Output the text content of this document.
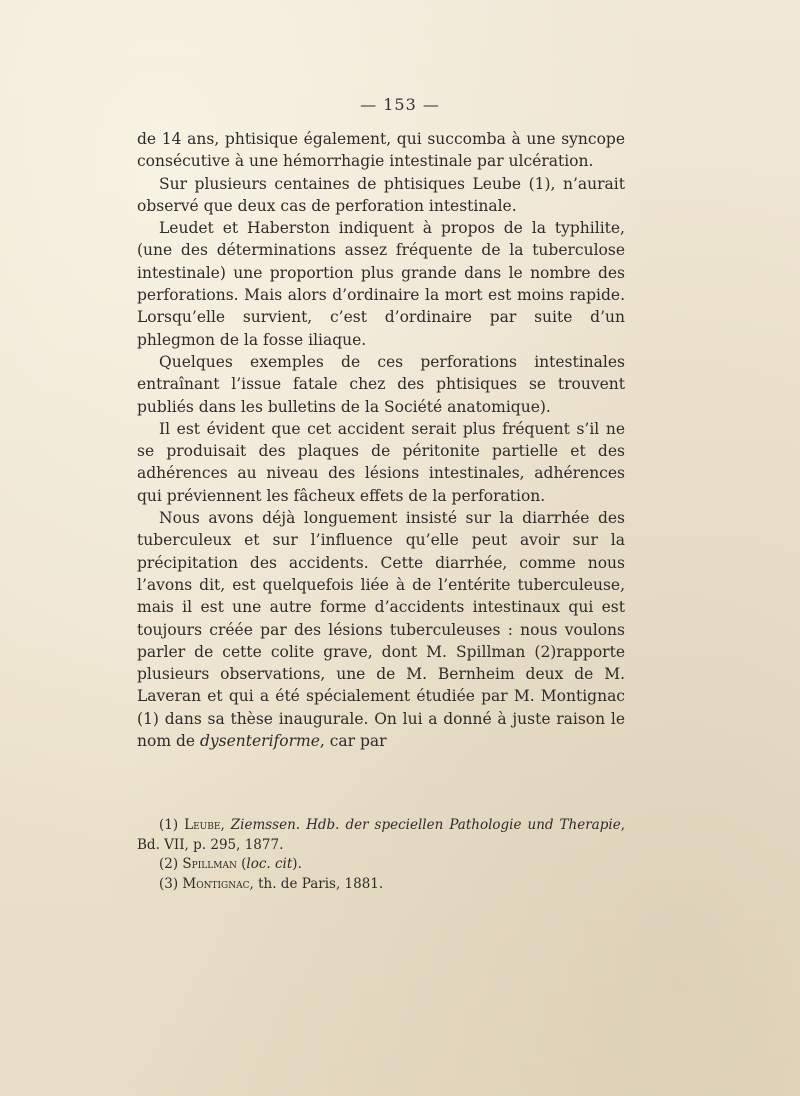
— 153 —

de 14 ans, phtisique également, qui succomba à une syncope consécutive à une hémorrhagie intestinale par ulcération.

Sur plusieurs centaines de phtisiques Leube (1), n’aurait observé que deux cas de perforation intestinale.

Leudet et Haberston indiquent à propos de la typhilite, (une des déterminations assez fréquente de la tuberculose intestinale) une proportion plus grande dans le nombre des perforations. Mais alors d’ordinaire la mort est moins rapide. Lorsqu’elle survient, c’est d’ordinaire par suite d’un phlegmon de la fosse iliaque.

Quelques exemples de ces perforations intestinales entraînant l’issue fatale chez des phtisiques se trouvent publiés dans les bulletins de la Société anatomique).

Il est évident que cet accident serait plus fréquent s’il ne se produisait des plaques de péritonite partielle et des adhérences au niveau des lésions intestinales, adhérences qui préviennent les fâcheux effets de la perforation.

Nous avons déjà longuement insisté sur la diarrhée des tuberculeux et sur l’influence qu’elle peut avoir sur la précipitation des accidents. Cette diarrhée, comme nous l’avons dit, est quelquefois liée à de l’entérite tuberculeuse, mais il est une autre forme d’accidents intestinaux qui est toujours créée par des lésions tuberculeuses : nous voulons parler de cette colite grave, dont M. Spillman (2)rapporte plusieurs observations, une de M. Bernheim deux de M. Laveran et qui a été spécialement étudiée par M. Montignac (1) dans sa thèse inaugurale. On lui a donné à juste raison le nom de dysenteriforme, car par

(1) Leube, Ziemssen. Hdb. der speciellen Pathologie und Therapie, Bd. VII, p. 295, 1877.

(2) Spillman (loc. cit).

(3) Montignac, th. de Paris, 1881.
